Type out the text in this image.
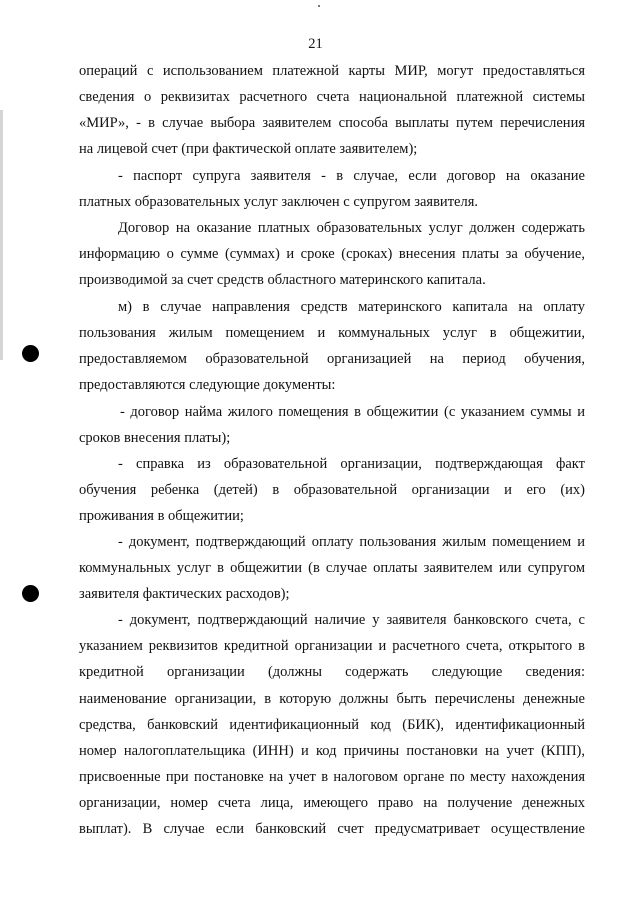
21
операций с использованием платежной карты МИР, могут предоставляться
сведения о реквизитах расчетного счета национальной платежной системы
«МИР», - в случае выбора заявителем способа выплаты путем перечисления
на лицевой счет (при фактической оплате заявителем);
- паспорт супруга заявителя - в случае, если договор на оказание
платных образовательных услуг заключен с супругом заявителя.
Договор на оказание платных образовательных услуг должен содержать
информацию о сумме (суммах) и сроке (сроках) внесения платы за обучение,
производимой за счет средств областного материнского капитала.
м) в случае направления средств материнского капитала на оплату
пользования жилым помещением и коммунальных услуг в общежитии,
предоставляемом образовательной организацией на период обучения,
предоставляются следующие документы:
- договор найма жилого помещения в общежитии (с указанием суммы и
сроков внесения платы);
- справка из образовательной организации, подтверждающая факт
обучения ребенка (детей) в образовательной организации и его (их)
проживания в общежитии;
- документ, подтверждающий оплату пользования жилым помещением и
коммунальных услуг в общежитии (в случае оплаты заявителем или супругом
заявителя фактических расходов);
- документ, подтверждающий наличие у заявителя банковского счета, с
указанием реквизитов кредитной организации и расчетного счета, открытого в
кредитной организации (должны содержать следующие сведения:
наименование организации, в которую должны быть перечислены денежные
средства, банковский идентификационный код (БИК), идентификационный
номер налогоплательщика (ИНН) и код причины постановки на учет (КПП),
присвоенные при постановке на учет в налоговом органе по месту нахождения
организации, номер счета лица, имеющего право на получение денежных
выплат). В случае если банковский счет предусматривает осуществление
